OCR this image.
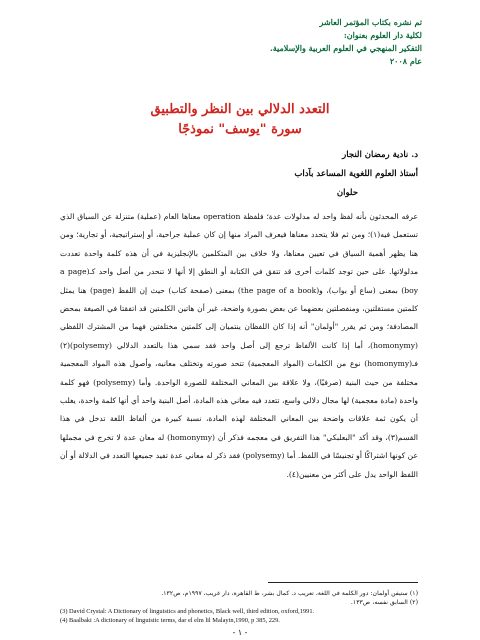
تم نشره بكتاب المؤتمر العاشر
لكلية دار العلوم بعنوان:
التفكير المنهجي في العلوم العربية والإسلامية.
عام ٢٠٠٨
التعدد الدلالي بين النظر والتطبيق
سورة "يوسف" نموذجًا
د. نادية رمضان النجار
أستاذ العلوم اللغوية المساعد بآداب
حلوان

عرفه المحدثون بأنه لفظ واحد له مدلولات عدة؛ فلفظة operation معناها العام (عملية) متنزلة عن السياق الذي تستعمل فيه(١)؛ ومن ثم فلا يتحدد معناها فيعرف المراد منها إن كان عملية جراحية، أو إستراتيجية، أو تجارية؛ ومن هنا يظهر أهمية السياق في تعيين معناها، ولا خلاف بين المتكلمين بالإنجليزية في أن هذه كلمة واحدة تعددت مدلولاتها. على حين توجد كلمات أخرى قد تتفق في الكتابة أو النطق إلا أنها لا تنحدر من أصل واحد كـ(a page boy) بمعنى (ساع أو بواب)، و(the page of a book) بمعنى (صفحة كتاب) حيث إن اللفظ (page) هنا يمثل كلمتين مستقلتين، ومنفصلتين بعضهما عن بعض بصورة واضحة، غير أن هاتين الكلمتين قد اتفقتا في الصيغة بمحض المصادفة؛ ومن ثم يقرر "أولمان" أنه إذا كان اللفظان ينتميان إلى كلمتين مختلفتين فهما من المشترك اللفظي (homonymy)، أما إذا كانت الألفاظ ترجع إلى أصل واحد فقد سمي هذا بالتعدد الدلالي (polysemy)(٢) فـ(homonymy) نوع من الكلمات (المواد المعجمية) تتحد صورته وتختلف معانيه، وأصول هذه المواد المعجمية مختلفة من حيث البنية (صرفيًا)، ولا علاقة بين المعاني المختلفة للصورة الواحدة. وأما (polysemy) فهو كلمة واحدة (مادة معجمية) لها مجال دلالي واسع، تتعدد فيه معاني هذه المادة، أصل البنية واحد أي أنها كلمة واحدة، يغلب أن يكون ثمة علاقات واضحة بين المعاني المختلفة لهذه المادة، نسبة كبيرة من ألفاظ اللغة تدخل في هذا القسم(٣)، وقد أكد "البعلبكي" هذا التفريق في معجمه فذكر أن (homonymy) له معان عدة لا تخرج في مجملها عن كونها اشتراكًا أو تجنيسًا في اللفظ. أما (polysemy) فقد ذكر له معاني عدة تفيد جميعها التعدد في الدلالة أو أن اللفظ الواحد يدل على أكثر من معنيين(٤).

(١) ستيفن أولمان: دور الكلمة في اللغة، تعريب د. كمال بشر، ط القاهرة، دار غريب، ١٩٩٧م، ص١٣٢.
(٢) السابق نفسه، ص١٣٣.
(3) David Crystal: A Dictionary of linguistics and phonetics, Black well, third edition, oxford,1991.
(4) Baalbaki :A dictionary of linguistic terms, dar el elm lil Malayin,1990, p 385, 229.
- ١ -
